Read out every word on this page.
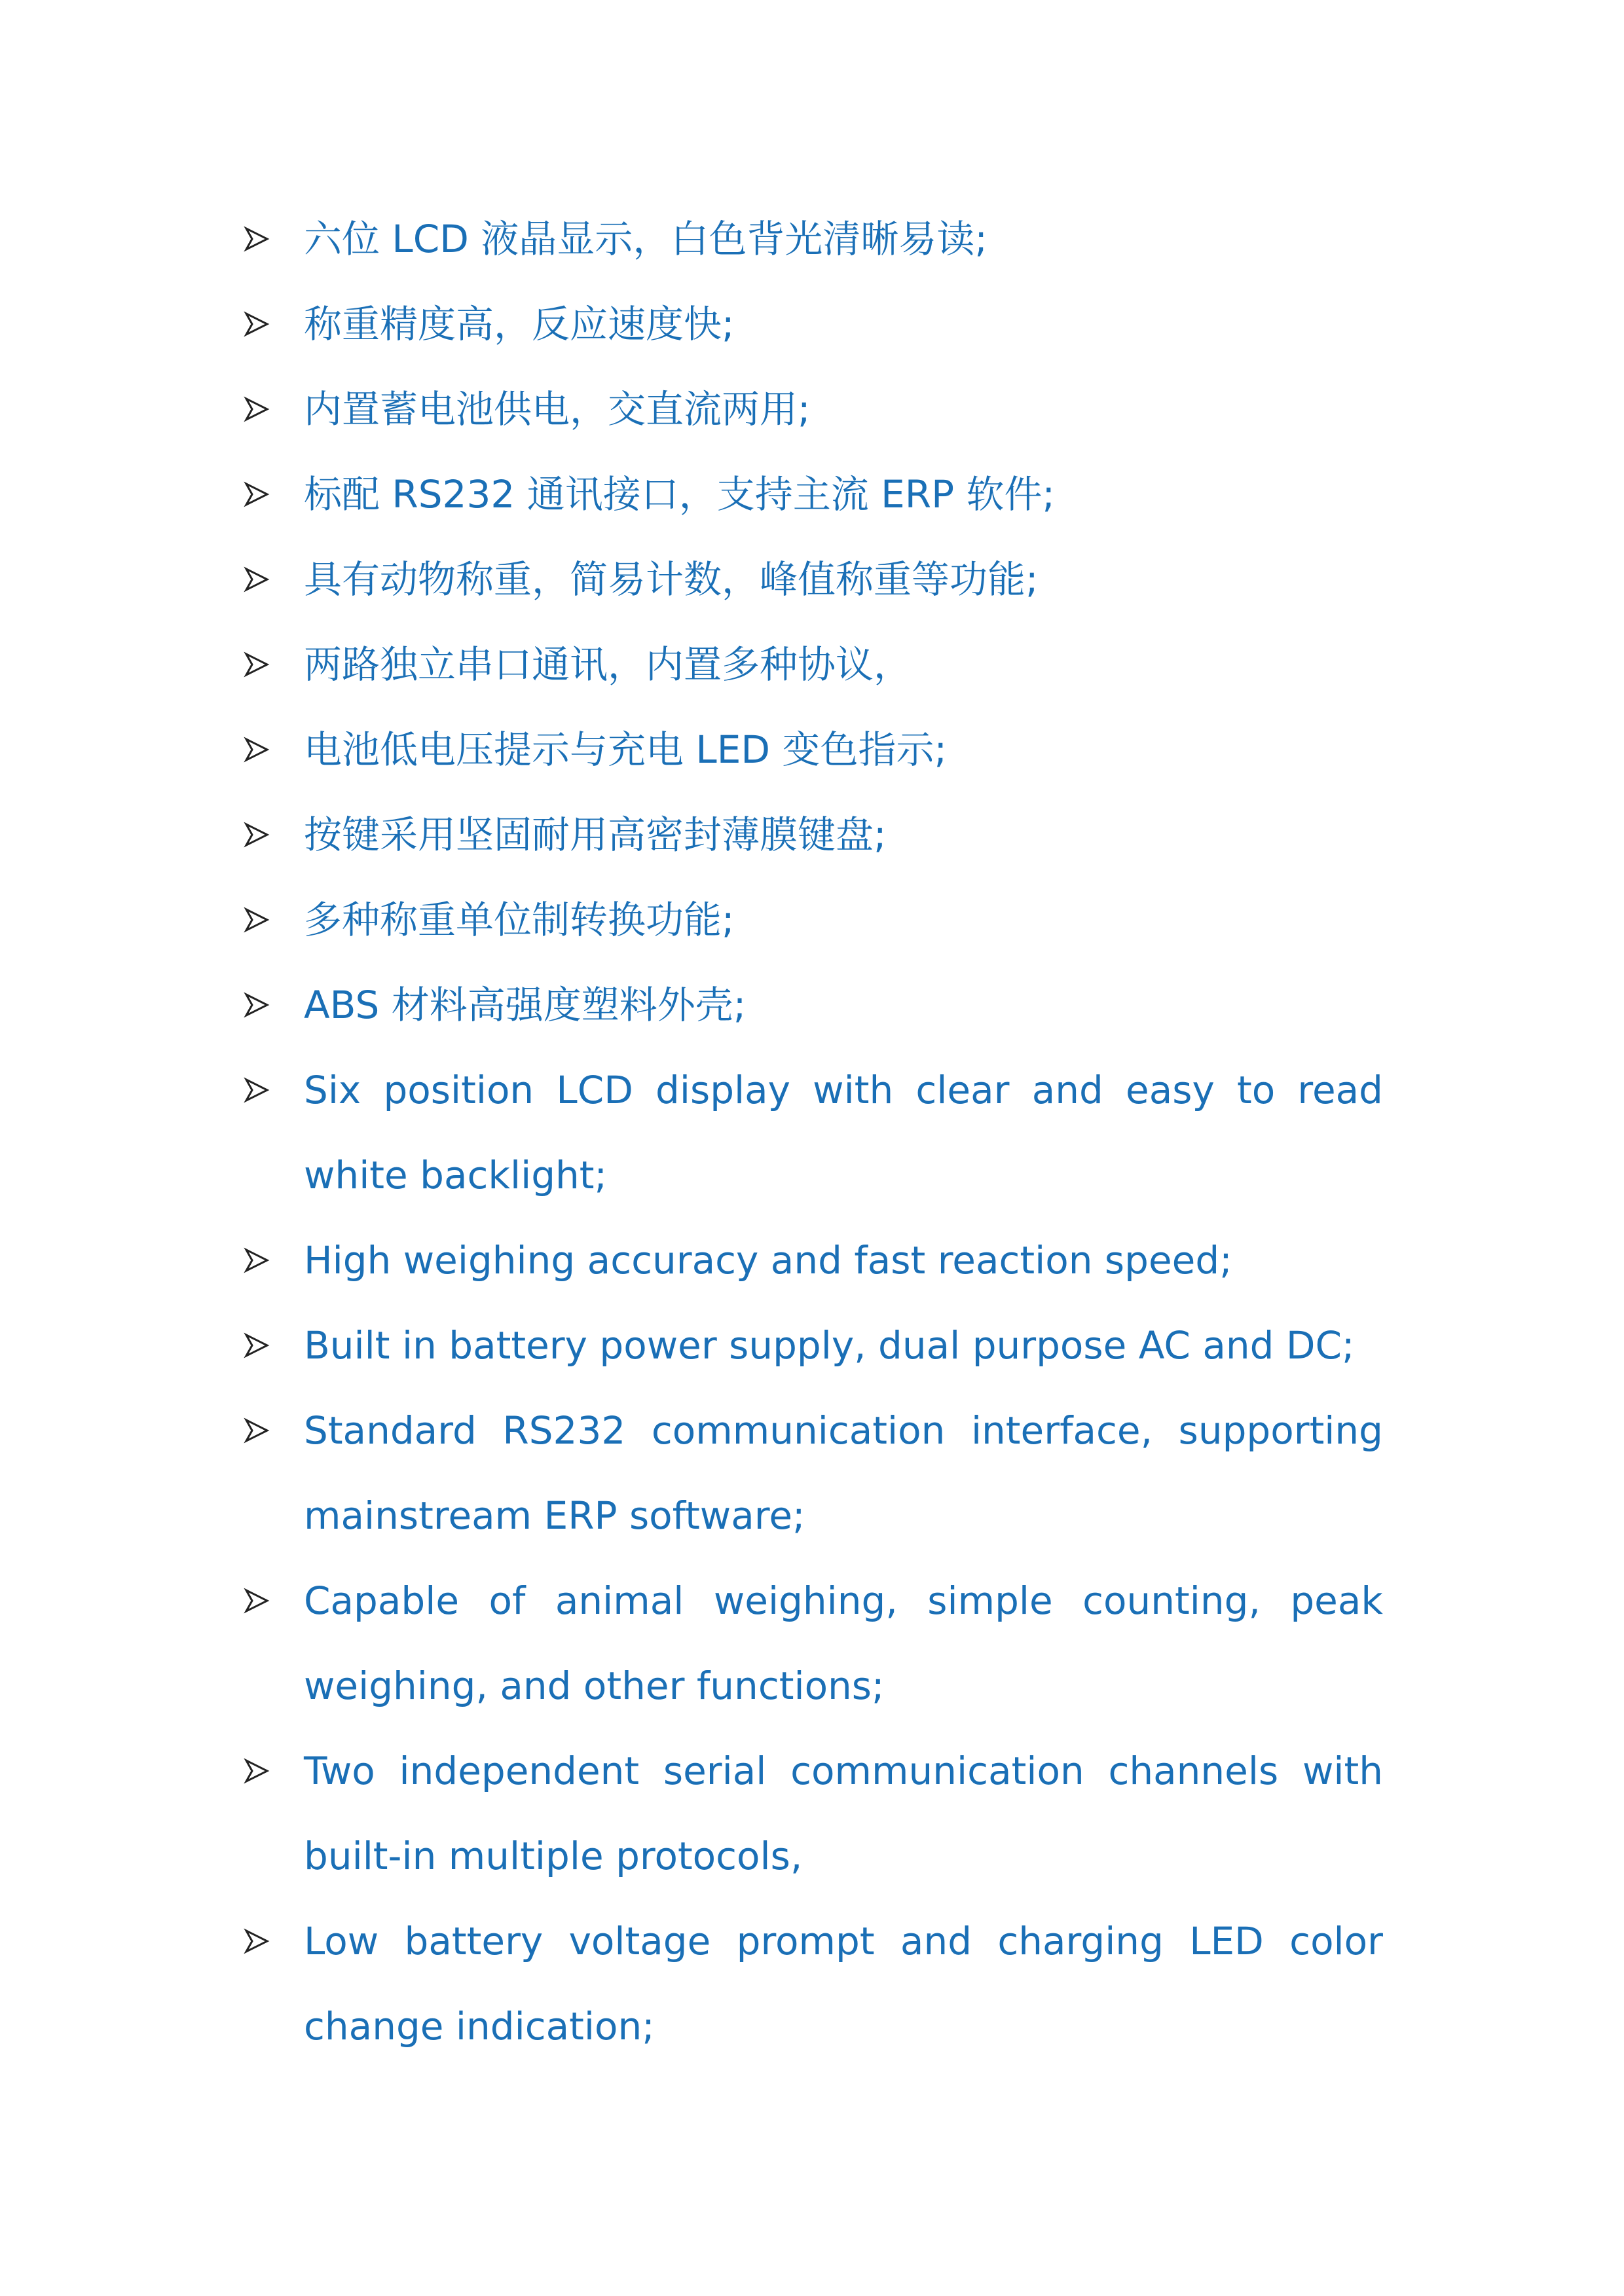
六位 LCD 液晶显示，白色背光清晰易读;
称重精度高，反应速度快;
内置蓄电池供电，交直流两用;
标配 RS232 通讯接口，支持主流 ERP 软件;
具有动物称重，简易计数，峰值称重等功能;
两路独立串口通讯，内置多种协议，
电池低电压提示与充电 LED 变色指示;
按键采用坚固耐用高密封薄膜键盘;
多种称重单位制转换功能;
ABS 材料高强度塑料外壳;
Six position LCD display with clear and easy to read white backlight;
High weighing accuracy and fast reaction speed;
Built in battery power supply, dual purpose AC and DC;
Standard RS232 communication interface, supporting mainstream ERP software;
Capable of animal weighing, simple counting, peak weighing, and other functions;
Two independent serial communication channels with built-in multiple protocols,
Low battery voltage prompt and charging LED color change indication;
